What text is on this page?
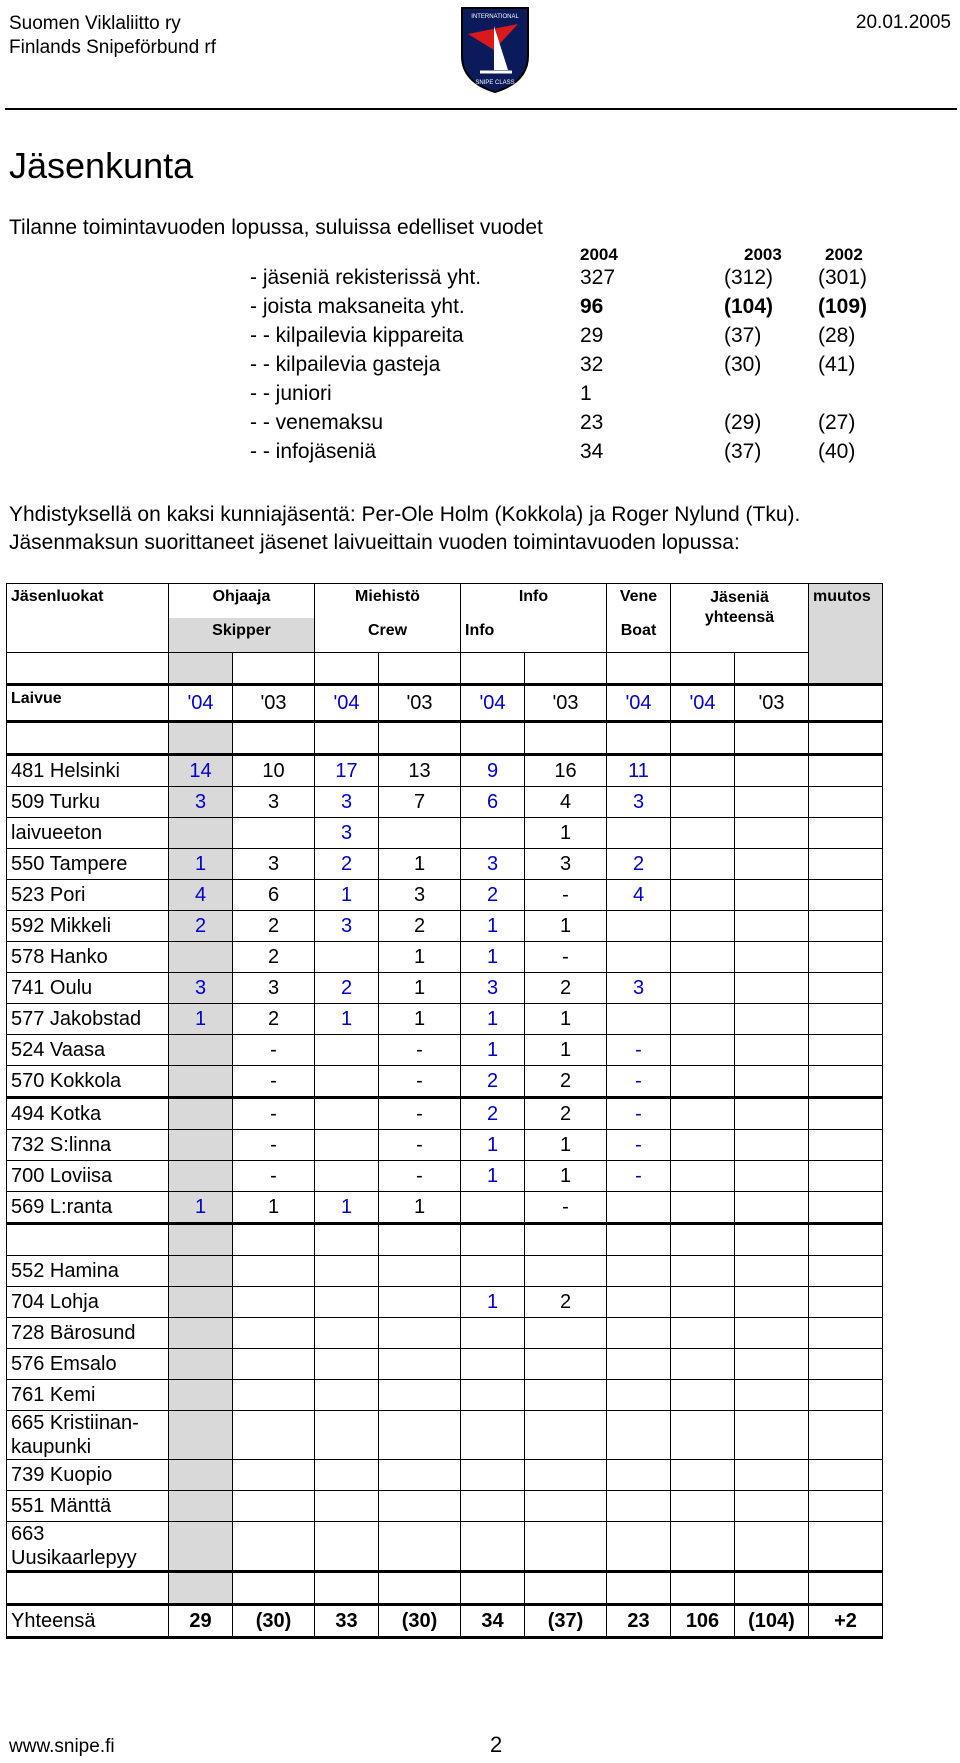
Suomen Viklaliitto ry
Finlands Snipeförbund rf
20.01.2005
INTERNATIONAL
SNIPE CLASS
Jäsenkunta
Tilanne toimintavuoden lopussa, suluissa edelliset vuodet
2004	2003	2002
- jäseniä rekisterissä yht.	327	(312) (301)
- joista maksaneita yht.	96	(104) (109)
- - kilpailevia kippareita	29	(37)	(28)
- - kilpailevia gasteja	32	(30)	(41)
- - juniori	1
- - venemaksu	23	(29)	(27)
- - infojäseniä	34	(37)	(40)
Yhdistyksellä on kaksi kunniajäsentä: Per-Ole Holm (Kokkola) ja Roger Nylund (Tku).
Jäsenmaksun suorittaneet jäsenet laivueittain vuoden toimintavuoden lopussa:
Jäsenluokat	Ohjaaja		Miehistö		Info		Vene	Jäseniä yhteensä		muutos
	Skipper		Crew		Info		Boat			

Laivue	'04	'03	'04	'03	'04	'03	'04	'04	'03	

481 Helsinki	14	10	17	13	9	16	11			
509 Turku	3	3	3	7	6	4	3			
laivueeton			3			1				
550 Tampere	1	3	2	1	3	3	2			
523 Pori	4	6	1	3	2	-	4			
592 Mikkeli	2	2	3	2	1	1				
578 Hanko		2		1	1	-				
741 Oulu	3	3	2	1	3	2	3			
577 Jakobstad	1	2	1	1	1	1				
524 Vaasa		-		-	1	1	-			
570 Kokkola		-		-	2	2	-			
494 Kotka		-		-	2	2	-			
732 S:linna		-		-	1	1	-			
700 Loviisa		-		-	1	1	-			
569 L:ranta	1	1	1	1		-				

552 Hamina										
704 Lohja					1	2				
728 Bärosund										
576 Emsalo										
761 Kemi										

665 Kristiinan-
kaupunki										

739 Kuopio										
551 Mänttä										

663
Uusikaarlepyy										

Yhteensä	29	(30)	33	(30)	34	(37)	23	106	(104)	+2
www.snipe.fi	2
